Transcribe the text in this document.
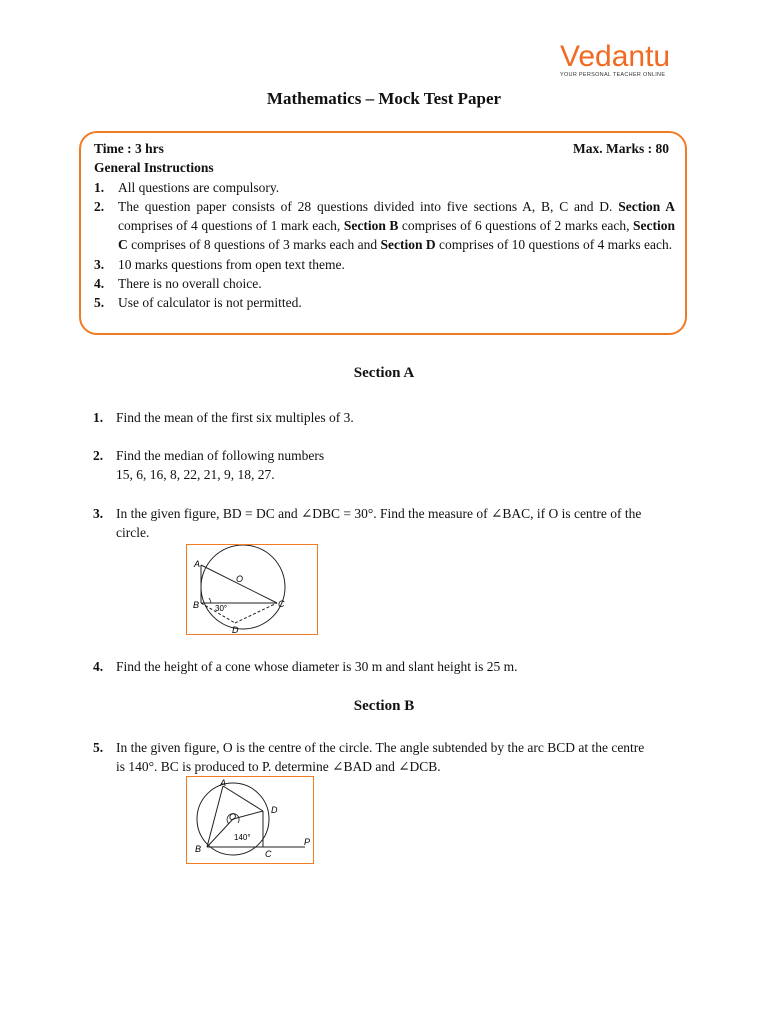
Vedantu
YOUR PERSONAL TEACHER ONLINE
Mathematics – Mock Test Paper
Time : 3 hrs	Max. Marks : 80
General Instructions
1.	All questions are compulsory.
2.	The question paper consists of 28 questions divided into five sections A, B, C and D. Section A comprises of 4 questions of 1 mark each, Section B comprises of 6 questions of 2 marks each, Section C comprises of 8 questions of 3 marks each and Section D comprises of 10 questions of 4 marks each.
3.	10 marks questions from open text theme.
4.	There is no overall choice.
5.	Use of calculator is not permitted.
Section A
1. Find the mean of the first six multiples of 3.
2. Find the median of following numbers
15, 6, 16, 8, 22, 21, 9, 18, 27.
3. In the given figure, BD = DC and ∠DBC = 30°. Find the measure of ∠BAC, if O is centre of the circle.
A
O
B	C
D
30°
4. Find the height of a cone whose diameter is 30 m and slant height is 25 m.
Section B
5. In the given figure, O is the centre of the circle. The angle subtended by the arc BCD at the centre is 140°. BC is produced to P. determine ∠BAD and ∠DCB.
A
O
B	C
D
P
140°
